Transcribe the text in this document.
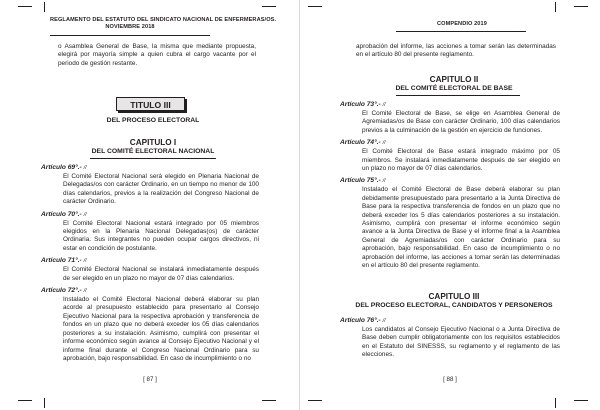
REGLAMENTO DEL ESTATUTO DEL SINDICATO NACIONAL DE ENFERMERAS/OS.
NOVIEMBRE 2018
o Asamblea General de Base, la misma que mediante propuesta, elegirá por mayoría simple a quien cubra el cargo vacante por el periodo de gestión restante.
TITULO III
DEL PROCESO ELECTORAL
CAPITULO I
DEL COMITÉ ELECTORAL NACIONAL
Artículo 69°.- //
El Comité Electoral Nacional será elegido en Plenaria Nacional de Delegadas/os con carácter Ordinario, en un tiempo no menor de 100 días calendarios, previos a la realización del Congreso Nacional de carácter Ordinario.
Artículo 70°.- //
El Comité Electoral Nacional estará integrado por 05 miembros elegidos en la Plenaria Nacional Delegadas(os) de carácter Ordinaria. Sus integrantes no pueden ocupar cargos directivos, ni estar en condición de postulante.
Artículo 71°.- //
El Comité Electoral Nacional se instalará inmediatamente después de ser elegido en un plazo no mayor de 07 días calendarios.
Artículo 72°.- //
Instalado el Comité Electoral Nacional deberá elaborar su plan acorde al presupuesto establecido para presentarlo al Consejo Ejecutivo Nacional para la respectiva aprobación y transferencia de fondos en un plazo que no deberá exceder los 05 días calendarios posteriores a su instalación. Asimismo, cumplirá con presentar el informe económico según avance al Consejo Ejecutivo Nacional y el informe final durante el Congreso Nacional Ordinario para su aprobación, bajo responsabilidad. En caso de incumplimiento o no
[ 87 ]
COMPENDIO 2019
aprobación del informe, las acciones a tomar serán las determinadas en el artículo 80 del presente reglamento.
CAPITULO II
DEL COMITÉ ELECTORAL DE BASE
Artículo 73°.- //
El Comité Electoral de Base, se elige en Asamblea General de Agremiadas/os de Base con carácter Ordinario, 100 días calendarios previos a la culminación de la gestión en ejercicio de funciones.
Artículo 74°.- //
El Comité Electoral de Base estará integrado máximo por 05 miembros. Se instalará inmediatamente después de ser elegido en un plazo no mayor de 07 días calendarios.
Artículo 75°.- //
Instalado el Comité Electoral de Base deberá elaborar su plan debidamente presupuestado para presentarlo a la Junta Directiva de Base para la respectiva transferencia de fondos en un plazo que no deberá exceder los 5 días calendarios posteriores a su instalación. Asimismo, cumplirá con presentar el informe económico según avance a la Junta Directiva de Base y el informe final a la Asamblea General de Agremiadas/os con carácter Ordinario para su aprobación, bajo responsabilidad. En caso de incumplimiento o no aprobación del informe, las acciones a tomar serán las determinadas en el artículo 80 del presente reglamento.
CAPITULO III
DEL PROCESO ELECTORAL, CANDIDATOS Y PERSONEROS
Artículo 76°.- //
Los candidatos al Consejo Ejecutivo Nacional o a Junta Directiva de Base deben cumplir obligatoriamente con los requisitos establecidos en el Estatuto del SINESSS, su reglamento y el reglamento de las elecciones.
[ 88 ]
